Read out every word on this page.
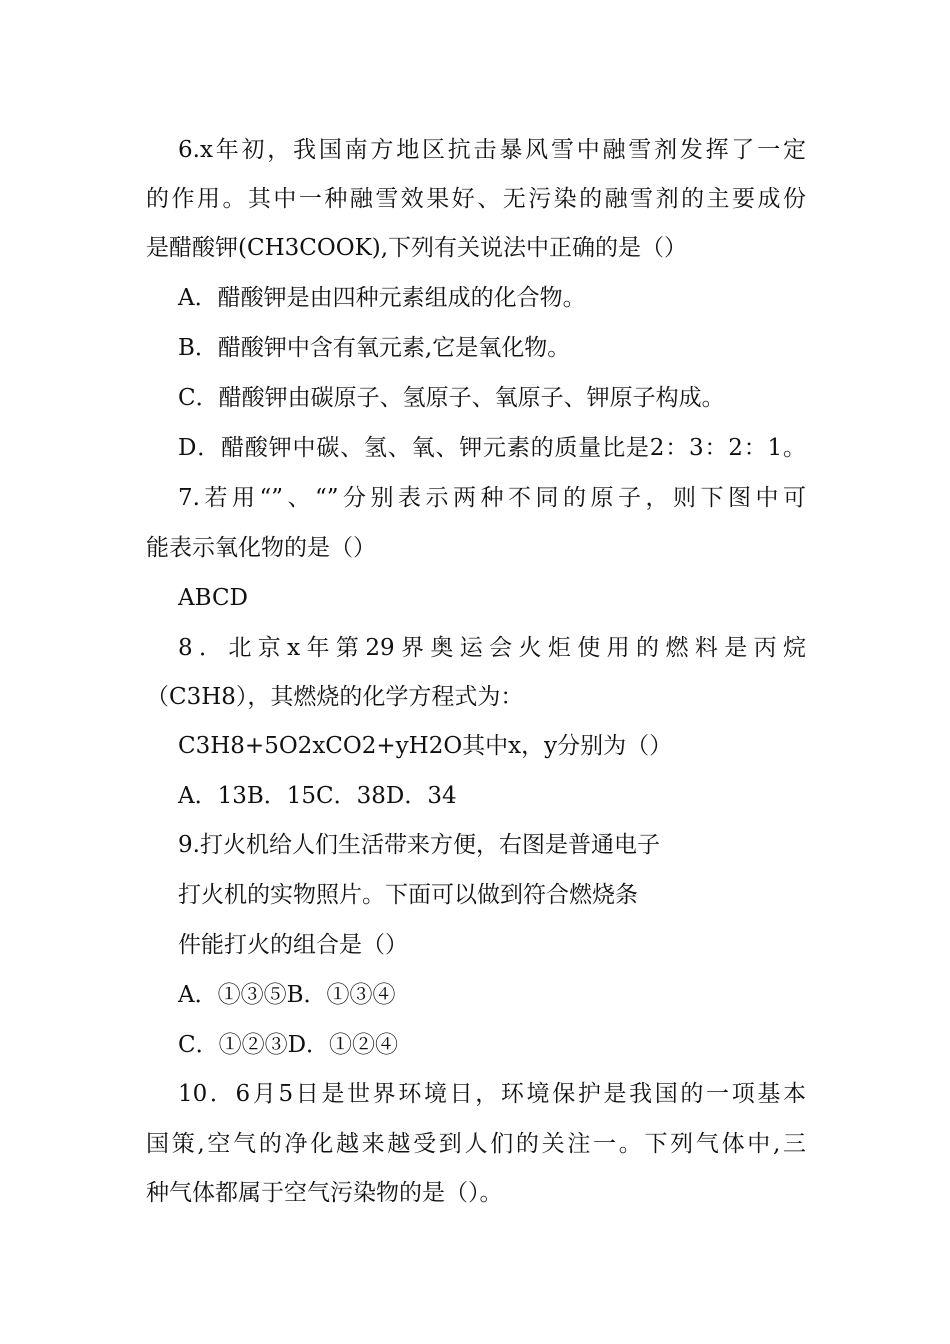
6.x年初，我国南方地区抗击暴风雪中融雪剂发挥了一定
的作用。其中一种融雪效果好、无污染的融雪剂的主要成份
是醋酸钾(CH3COOK),下列有关说法中正确的是（）
A．醋酸钾是由四种元素组成的化合物。
B．醋酸钾中含有氧元素,它是氧化物。
C．醋酸钾由碳原子、氢原子、氧原子、钾原子构成。
D．醋酸钾中碳、氢、氧、钾元素的质量比是2：3：2：1。
7.若用“”、“”分别表示两种不同的原子，则下图中可
能表示氧化物的是（）
ABCD
8．北京x年第29界奥运会火炬使用的燃料是丙烷
（C3H8），其燃烧的化学方程式为：
C3H8+5O2xCO2+yH2O其中x，y分别为（）
A．13B．15C．38D．34
9.打火机给人们生活带来方便，右图是普通电子
打火机的实物照片。下面可以做到符合燃烧条
件能打火的组合是（）
A．①③⑤B．①③④
C．①②③D．①②④
10．6月5日是世界环境日，环境保护是我国的一项基本
国策,空气的净化越来越受到人们的关注一。下列气体中,三
种气体都属于空气污染物的是（）。
